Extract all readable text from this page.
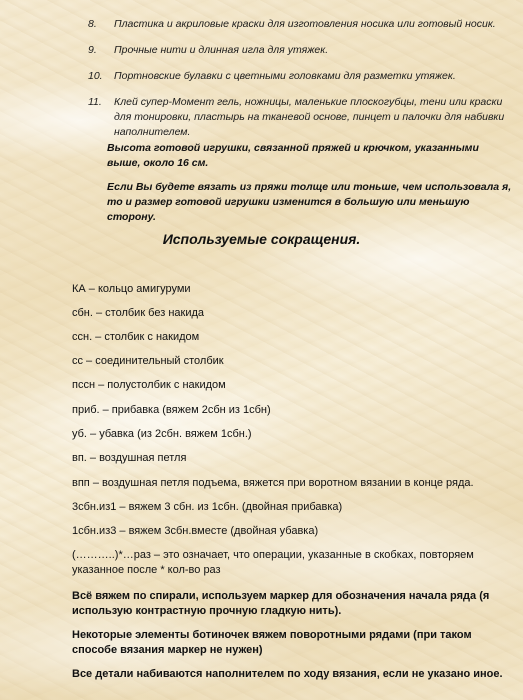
8. Пластика и акриловые краски для изготовления носика или готовый носик.
9. Прочные нити и длинная игла для утяжек.
10. Портновские булавки с цветными головками для разметки утяжек.
11. Клей супер-Момент гель, ножницы, маленькие плоскогубцы, тени или краски для тонировки, пластырь на тканевой основе, пинцет и палочки для набивки наполнителем.
Высота готовой игрушки, связанной пряжей и крючком, указанными выше, около 16 см.
Если Вы будете вязать из пряжи толще или тоньше, чем использовала я, то и размер готовой игрушки изменится в большую или меньшую сторону.
Используемые сокращения.
КА – кольцо амигуруми
сбн. – столбик без накида
ссн. – столбик с накидом
сс – соединительный столбик
пссн – полустолбик с накидом
приб. – прибавка (вяжем 2сбн из 1сбн)
уб. – убавка (из 2сбн. вяжем 1сбн.)
вп. – воздушная петля
впп – воздушная петля подъема, вяжется при воротном вязании в конце ряда.
3сбн.из1 – вяжем 3 сбн. из 1сбн. (двойная прибавка)
1сбн.из3 – вяжем 3сбн.вместе (двойная убавка)
(………..)*…раз – это означает, что операции, указанные в скобках, повторяем указанное после * кол-во раз
Всё вяжем по спирали, используем маркер для обозначения начала ряда (я использую контрастную прочную гладкую нить).
Некоторые элементы ботиночек вяжем поворотными рядами (при таком способе вязания маркер не нужен)
Все детали набиваются наполнителем по ходу вязания, если не указано иное.
